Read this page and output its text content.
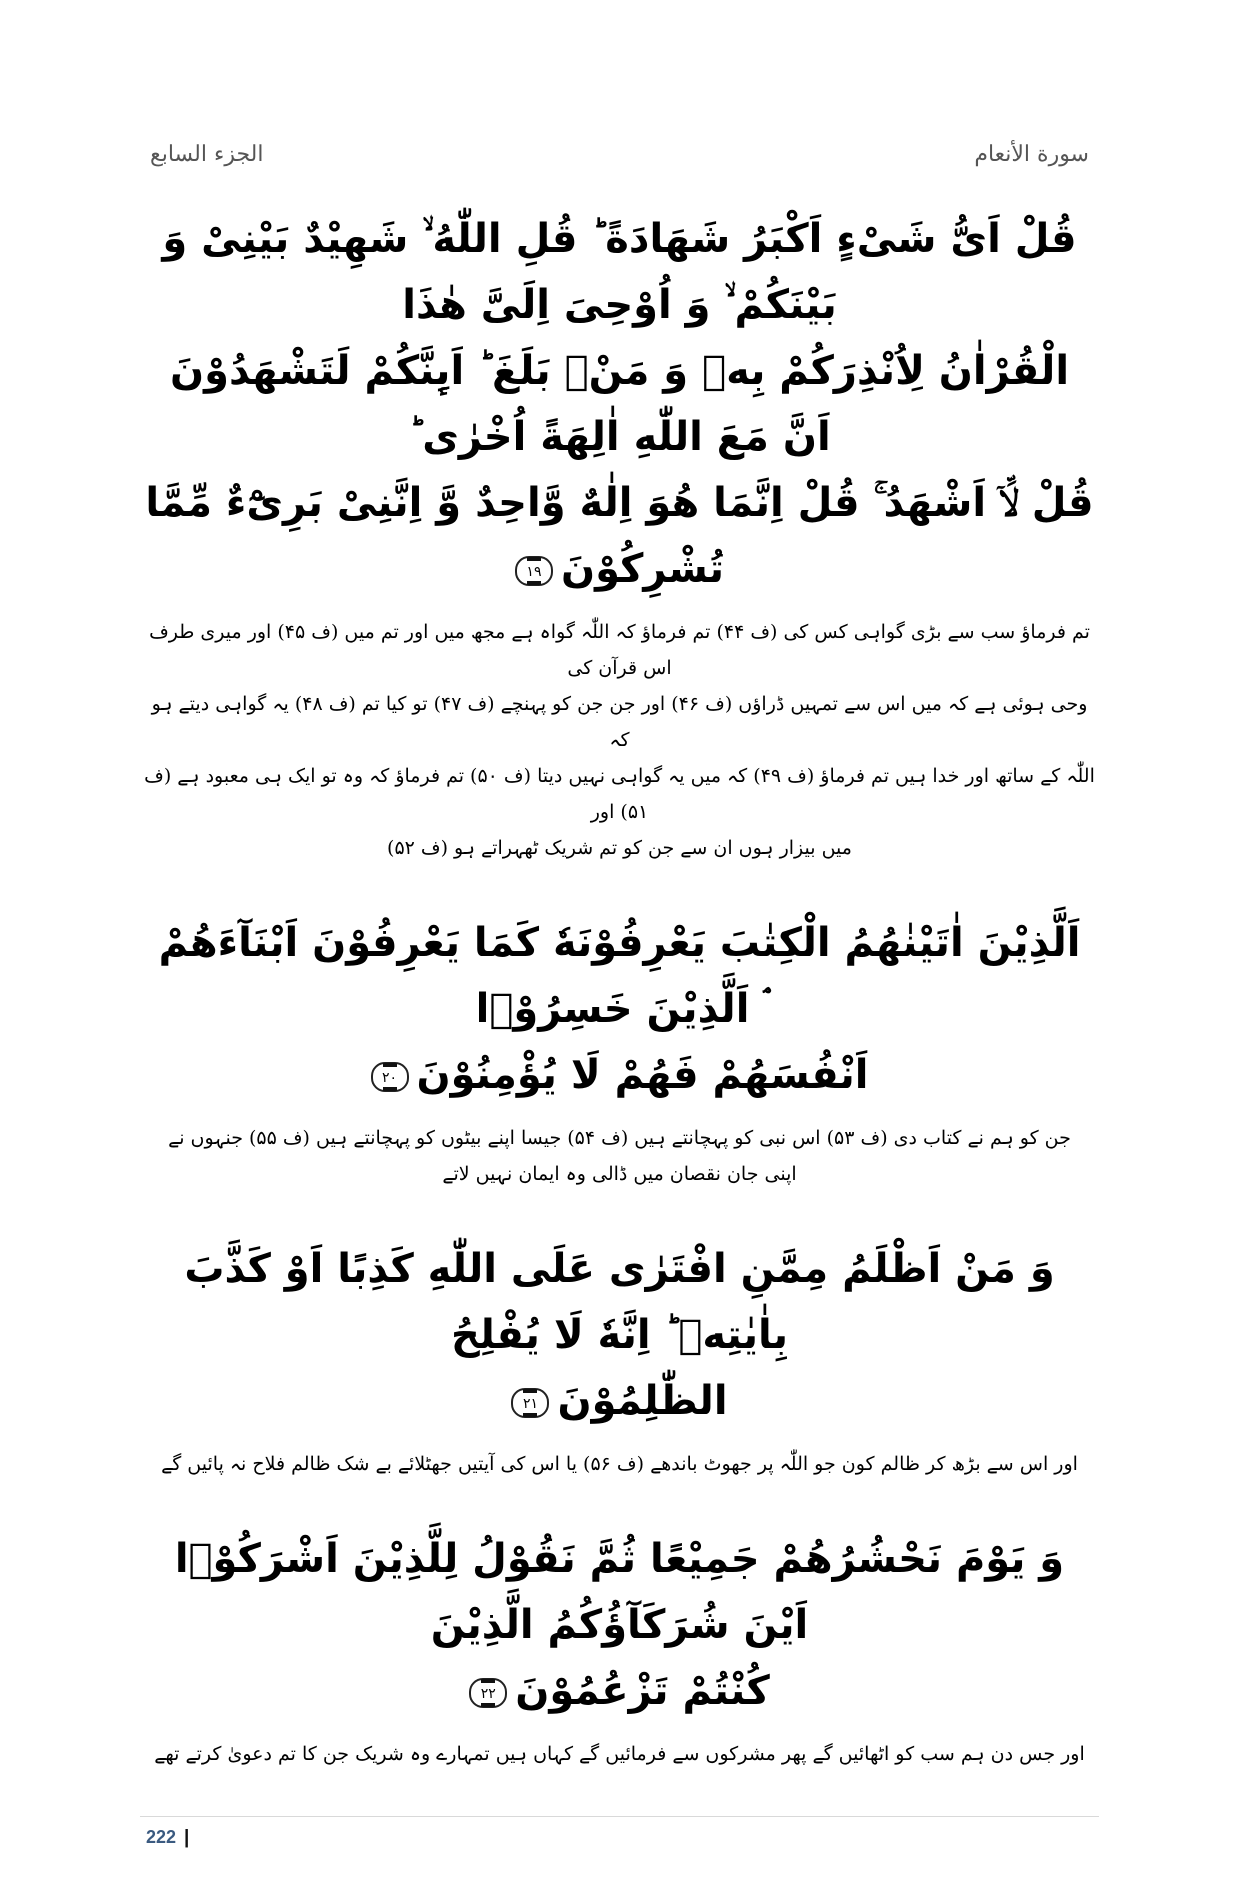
الجزء السابع	سورة الأنعام
قُلْ اَیُّ شَیْءٍ اَكْبَرُ شَهَادَةً ؕ قُلِ اللّٰهُ ۙ شَهِیْدٌ بَیْنِیْ وَ بَیْنَكُمْ ۙ وَ اُوْحِیَ اِلَیَّ هٰذَا
الْقُرْاٰنُ لِاُنْذِرَكُمْ بِهٖ وَ مَنْۢ بَلَغَ ؕ اَىِٕنَّكُمْ لَتَشْهَدُوْنَ اَنَّ مَعَ اللّٰهِ اٰلِهَةً اُخْرٰى ؕ
قُلْ لَّاۤ اَشْهَدُ ۚ قُلْ اِنَّمَا هُوَ اِلٰهٌ وَّاحِدٌ وَّ اِنَّنِیْ بَرِیْٓءٌ مِّمَّا تُشْرِكُوْنَ١٩
تم فرماؤ سب سے بڑی گواہی کس کی (ف ۴۴) تم فرماؤ کہ اللّٰہ گواہ ہے مجھ میں اور تم میں (ف ۴۵) اور میری طرف اس قرآن کی
وحی ہوئی ہے کہ میں اس سے تمہیں ڈراؤں (ف ۴۶) اور جن جن کو پہنچے (ف ۴۷) تو کیا تم (ف ۴۸) یہ گواہی دیتے ہو کہ
اللّٰہ کے ساتھ اور خدا ہیں تم فرماؤ (ف ۴۹) کہ میں یہ گواہی نہیں دیتا (ف ۵۰) تم فرماؤ کہ وہ تو ایک ہی معبود ہے (ف ۵۱) اور
میں بیزار ہوں ان سے جن کو تم شریک ٹھہراتے ہو (ف ۵۲)
اَلَّذِیْنَ اٰتَیْنٰهُمُ الْكِتٰبَ یَعْرِفُوْنَهٗ كَمَا یَعْرِفُوْنَ اَبْنَآءَهُمْ ۘ اَلَّذِیْنَ خَسِرُوْۤا
اَنْفُسَهُمْ فَهُمْ لَا یُؤْمِنُوْنَ٢٠
جن کو ہم نے کتاب دی (ف ۵۳) اس نبی کو پہچانتے ہیں (ف ۵۴) جیسا اپنے بیٹوں کو پہچانتے ہیں (ف ۵۵) جنہوں نے
اپنی جان نقصان میں ڈالی وہ ایمان نہیں لاتے
وَ مَنْ اَظْلَمُ مِمَّنِ افْتَرٰى عَلَى اللّٰهِ كَذِبًا اَوْ كَذَّبَ بِاٰیٰتِهٖ ؕ اِنَّهٗ لَا یُفْلِحُ
الظّٰلِمُوْنَ٢١
اور اس سے بڑھ کر ظالم کون جو اللّٰہ پر جھوٹ باندھے (ف ۵۶) یا اس کی آیتیں جھٹلائے بے شک ظالم فلاح نہ پائیں گے
وَ یَوْمَ نَحْشُرُهُمْ جَمِیْعًا ثُمَّ نَقُوْلُ لِلَّذِیْنَ اَشْرَكُوْۤا اَیْنَ شُرَكَآؤُكُمُ الَّذِیْنَ
كُنْتُمْ تَزْعُمُوْنَ٢٢
اور جس دن ہم سب کو اٹھائیں گے پھر مشرکوں سے فرمائیں گے کہاں ہیں تمہارے وہ شریک جن کا تم دعویٰ کرتے تھے
222 |
